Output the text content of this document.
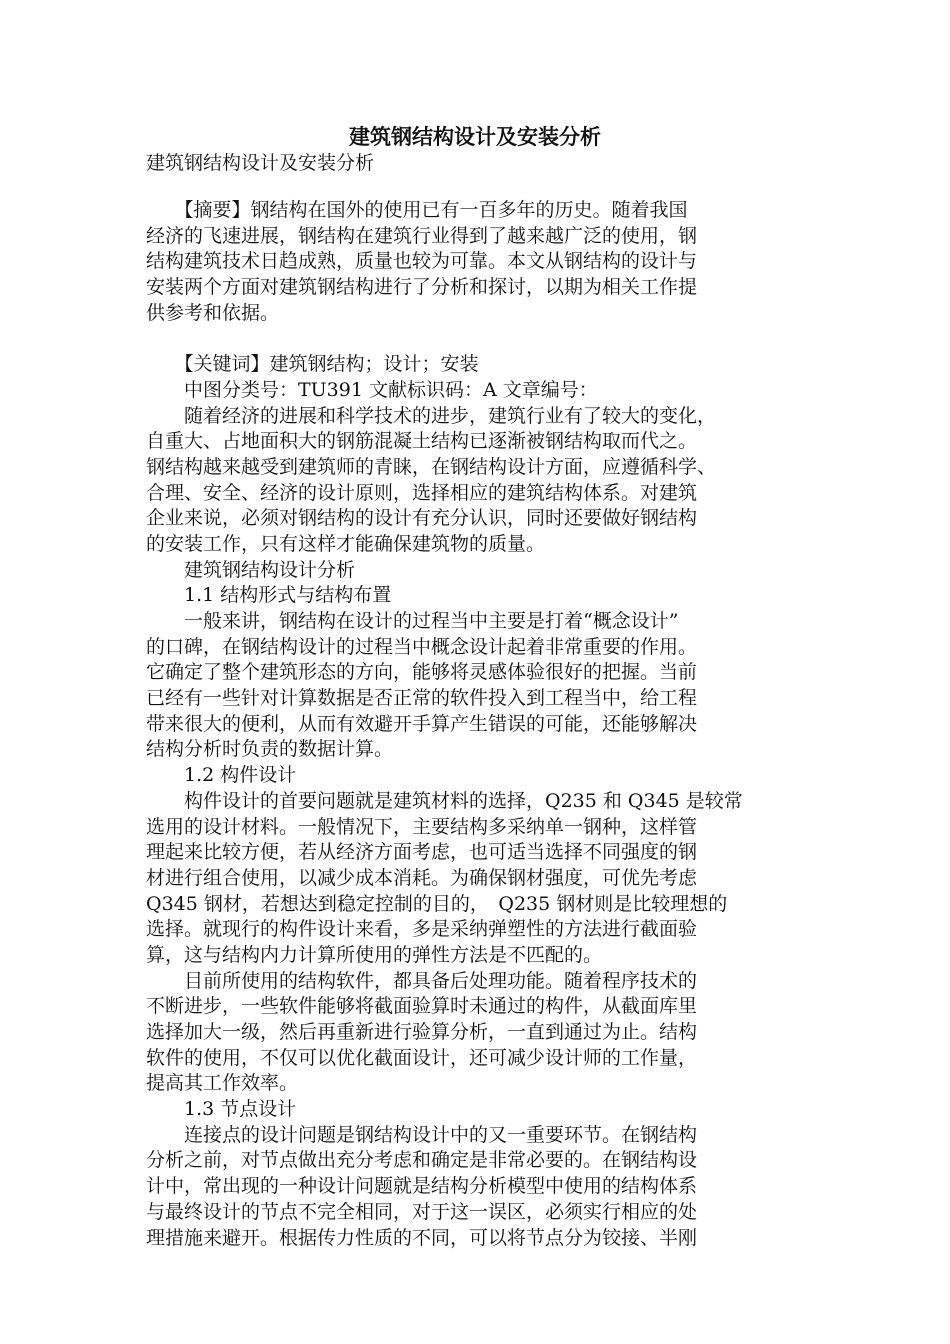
建筑钢结构设计及安装分析
建筑钢结构设计及安装分析
　　【摘要】钢结构在国外的使用已有一百多年的历史。随着我国
经济的飞速进展，钢结构在建筑行业得到了越来越广泛的使用，钢
结构建筑技术日趋成熟，质量也较为可靠。本文从钢结构的设计与
安装两个方面对建筑钢结构进行了分析和探讨，以期为相关工作提
供参考和依据。
　　【关键词】建筑钢结构；设计；安装
　　中图分类号：TU391 文献标识码：A 文章编号：
　　随着经济的进展和科学技术的进步，建筑行业有了较大的变化，
自重大、占地面积大的钢筋混凝土结构已逐渐被钢结构取而代之。
钢结构越来越受到建筑师的青睐，在钢结构设计方面，应遵循科学、
合理、安全、经济的设计原则，选择相应的建筑结构体系。对建筑
企业来说，必须对钢结构的设计有充分认识，同时还要做好钢结构
的安装工作，只有这样才能确保建筑物的质量。
　　建筑钢结构设计分析
　　1.1 结构形式与结构布置
　　一般来讲，钢结构在设计的过程当中主要是打着“概念设计”
的口碑，在钢结构设计的过程当中概念设计起着非常重要的作用。
它确定了整个建筑形态的方向，能够将灵感体验很好的把握。当前
已经有一些针对计算数据是否正常的软件投入到工程当中，给工程
带来很大的便利，从而有效避开手算产生错误的可能，还能够解决
结构分析时负责的数据计算。
　　1.2 构件设计
　　构件设计的首要问题就是建筑材料的选择，Q235 和 Q345 是较常
选用的设计材料。一般情况下，主要结构多采纳单一钢种，这样管
理起来比较方便，若从经济方面考虑，也可适当选择不同强度的钢
材进行组合使用，以减少成本消耗。为确保钢材强度，可优先考虑
Q345 钢材，若想达到稳定控制的目的，　Q235 钢材则是比较理想的
选择。就现行的构件设计来看，多是采纳弹塑性的方法进行截面验
算，这与结构内力计算所使用的弹性方法是不匹配的。
　　目前所使用的结构软件，都具备后处理功能。随着程序技术的
不断进步，一些软件能够将截面验算时未通过的构件，从截面库里
选择加大一级，然后再重新进行验算分析，一直到通过为止。结构
软件的使用，不仅可以优化截面设计，还可减少设计师的工作量，
提高其工作效率。
　　1.3 节点设计
　　连接点的设计问题是钢结构设计中的又一重要环节。在钢结构
分析之前，对节点做出充分考虑和确定是非常必要的。在钢结构设
计中，常出现的一种设计问题就是结构分析模型中使用的结构体系
与最终设计的节点不完全相同，对于这一误区，必须实行相应的处
理措施来避开。根据传力性质的不同，可以将节点分为铰接、半刚
